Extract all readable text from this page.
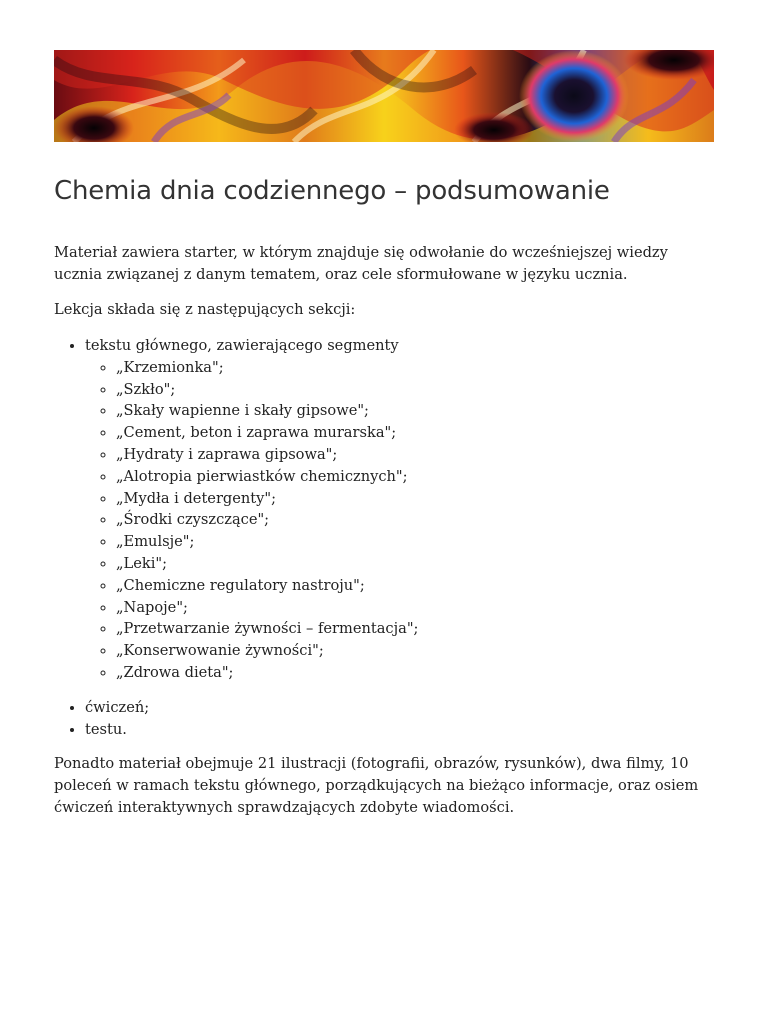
Chemia dnia codziennego – podsumowanie

Materiał zawiera starter, w którym znajduje się odwołanie do wcześniejszej wiedzy ucznia związanej z danym tematem, oraz cele sformułowane w języku ucznia.

Lekcja składa się z następujących sekcji:

• tekstu głównego, zawierającego segmenty
◦ „Krzemionka";
◦ „Szkło";
◦ „Skały wapienne i skały gipsowe";
◦ „Cement, beton i zaprawa murarska";
◦ „Hydraty i zaprawa gipsowa";
◦ „Alotropia pierwiastków chemicznych";
◦ „Mydła i detergenty";
◦ „Środki czyszczące";
◦ „Emulsje";
◦ „Leki";
◦ „Chemiczne regulatory nastroju";
◦ „Napoje";
◦ „Przetwarzanie żywności – fermentacja";
◦ „Konserwowanie żywności";
◦ „Zdrowa dieta";
• ćwiczeń;
• testu.

Ponadto materiał obejmuje 21 ilustracji (fotografii, obrazów, rysunków), dwa filmy, 10 poleceń w ramach tekstu głównego, porządkujących na bieżąco informacje, oraz osiem ćwiczeń interaktywnych sprawdzających zdobyte wiadomości.
